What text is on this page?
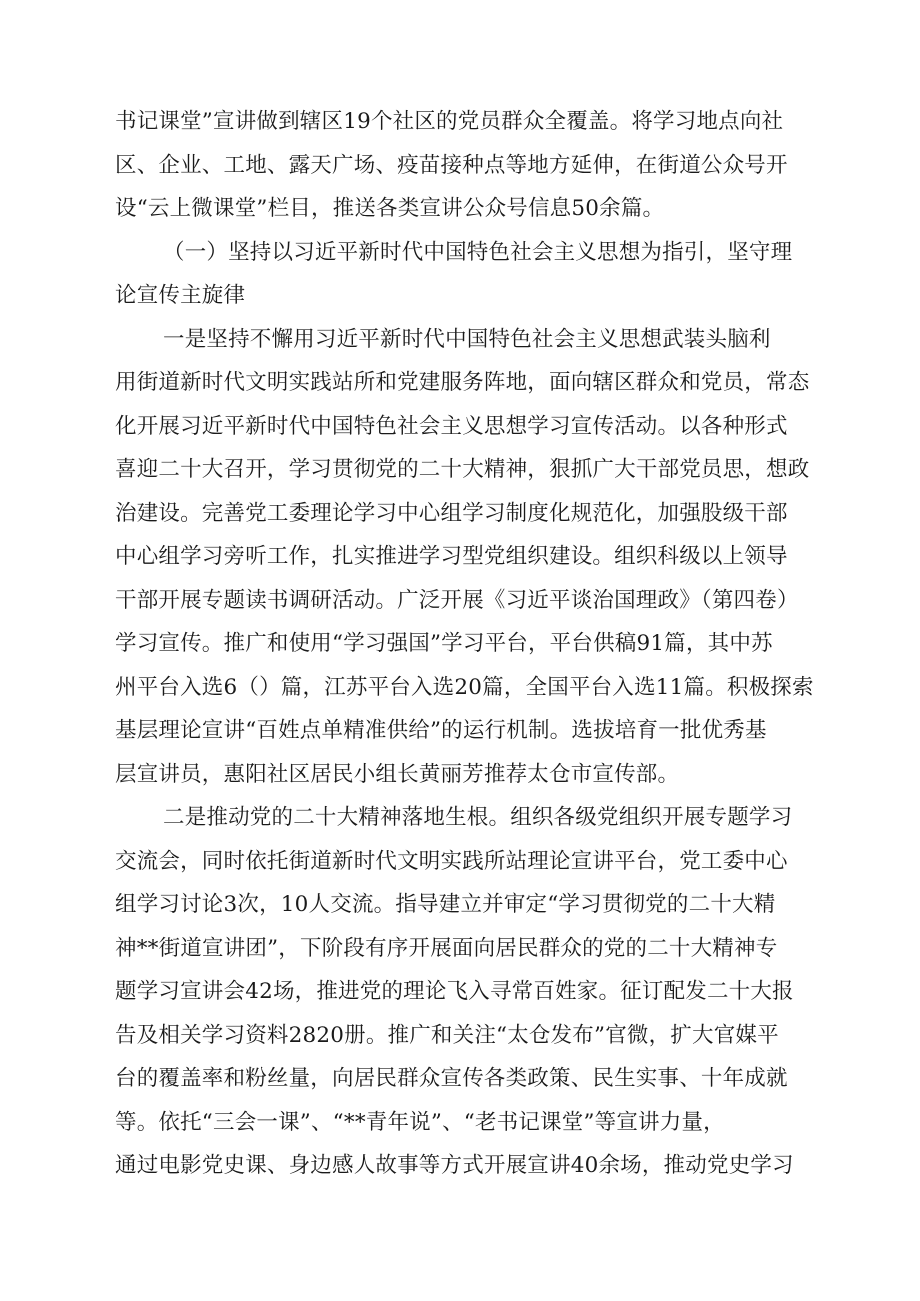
书记课堂”宣讲做到辖区19个社区的党员群众全覆盖。将学习地点向社
区、企业、工地、露天广场、疫苗接种点等地方延伸，在街道公众号开
设“云上微课堂”栏目，推送各类宣讲公众号信息50余篇。

（一）坚持以习近平新时代中国特色社会主义思想为指引，坚守理
论宣传主旋律

一是坚持不懈用习近平新时代中国特色社会主义思想武装头脑利
用街道新时代文明实践站所和党建服务阵地，面向辖区群众和党员，常态
化开展习近平新时代中国特色社会主义思想学习宣传活动。以各种形式
喜迎二十大召开，学习贯彻党的二十大精神，狠抓广大干部党员思，想政
治建设。完善党工委理论学习中心组学习制度化规范化，加强股级干部
中心组学习旁听工作，扎实推进学习型党组织建设。组织科级以上领导
干部开展专题读书调研活动。广泛开展《习近平谈治国理政》（第四卷）
学习宣传。推广和使用“学习强国”学习平台，平台供稿91篇，其中苏
州平台入选6（）篇，江苏平台入选20篇，全国平台入选11篇。积极探索
基层理论宣讲“百姓点单精准供给”的运行机制。选拔培育一批优秀基
层宣讲员，惠阳社区居民小组长黄丽芳推荐太仓市宣传部。

二是推动党的二十大精神落地生根。组织各级党组织开展专题学习
交流会，同时依托街道新时代文明实践所站理论宣讲平台，党工委中心
组学习讨论3次，10人交流。指导建立并审定“学习贯彻党的二十大精
神**街道宣讲团”，下阶段有序开展面向居民群众的党的二十大精神专
题学习宣讲会42场，推进党的理论飞入寻常百姓家。征订配发二十大报
告及相关学习资料2820册。推广和关注“太仓发布”官微，扩大官媒平
台的覆盖率和粉丝量，向居民群众宣传各类政策、民生实事、十年成就
等。依托“三会一课”、“**青年说”、“老书记课堂”等宣讲力量，
通过电影党史课、身边感人故事等方式开展宣讲40余场，推动党史学习
